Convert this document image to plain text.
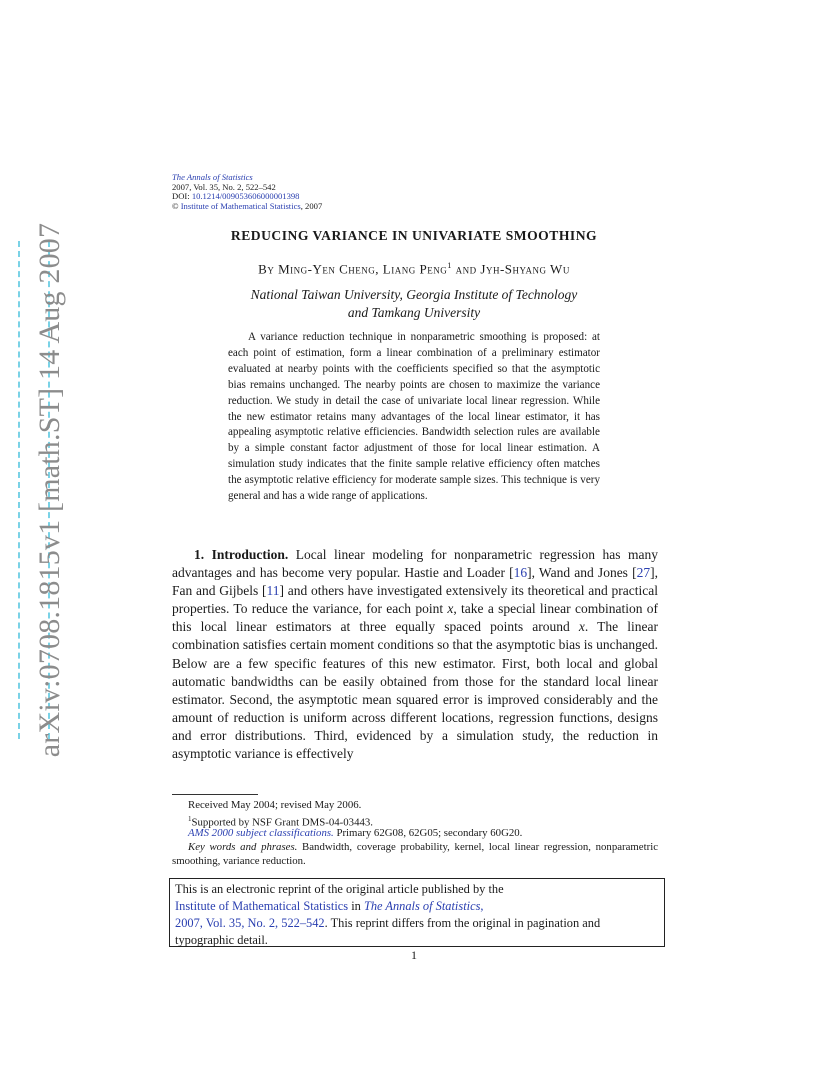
arXiv:0708.1815v1 [math.ST] 14 Aug 2007
The Annals of Statistics
2007, Vol. 35, No. 2, 522–542
DOI: 10.1214/009053606000001398
© Institute of Mathematical Statistics, 2007
REDUCING VARIANCE IN UNIVARIATE SMOOTHING
By Ming-Yen Cheng, Liang Peng$^1$ and Jyh-Shyang Wu
National Taiwan University, Georgia Institute of Technology
and Tamkang University
A variance reduction technique in nonparametric smoothing is proposed: at each point of estimation, form a linear combination of a preliminary estimator evaluated at nearby points with the coefficients specified so that the asymptotic bias remains unchanged. The nearby points are chosen to maximize the variance reduction. We study in detail the case of univariate local linear regression. While the new estimator retains many advantages of the local linear estimator, it has appealing asymptotic relative efficiencies. Bandwidth selection rules are available by a simple constant factor adjustment of those for local linear estimation. A simulation study indicates that the finite sample relative efficiency often matches the asymptotic relative efficiency for moderate sample sizes. This technique is very general and has a wide range of applications.
1. Introduction. Local linear modeling for nonparametric regression has many advantages and has become very popular. Hastie and Loader [16], Wand and Jones [27], Fan and Gijbels [11] and others have investigated extensively its theoretical and practical properties. To reduce the variance, for each point x, take a special linear combination of this local linear estimators at three equally spaced points around x. The linear combination satisfies certain moment conditions so that the asymptotic bias is unchanged. Below are a few specific features of this new estimator. First, both local and global automatic bandwidths can be easily obtained from those for the standard local linear estimator. Second, the asymptotic mean squared error is improved considerably and the amount of reduction is uniform across different locations, regression functions, designs and error distributions. Third, evidenced by a simulation study, the reduction in asymptotic variance is effectively
Received May 2004; revised May 2006.
$^1$Supported by NSF Grant DMS-04-03443.
AMS 2000 subject classifications. Primary 62G08, 62G05; secondary 60G20.
Key words and phrases. Bandwidth, coverage probability, kernel, local linear regression, nonparametric smoothing, variance reduction.
This is an electronic reprint of the original article published by the
Institute of Mathematical Statistics in The Annals of Statistics,
2007, Vol. 35, No. 2, 522–542. This reprint differs from the original in pagination and typographic detail.
1
